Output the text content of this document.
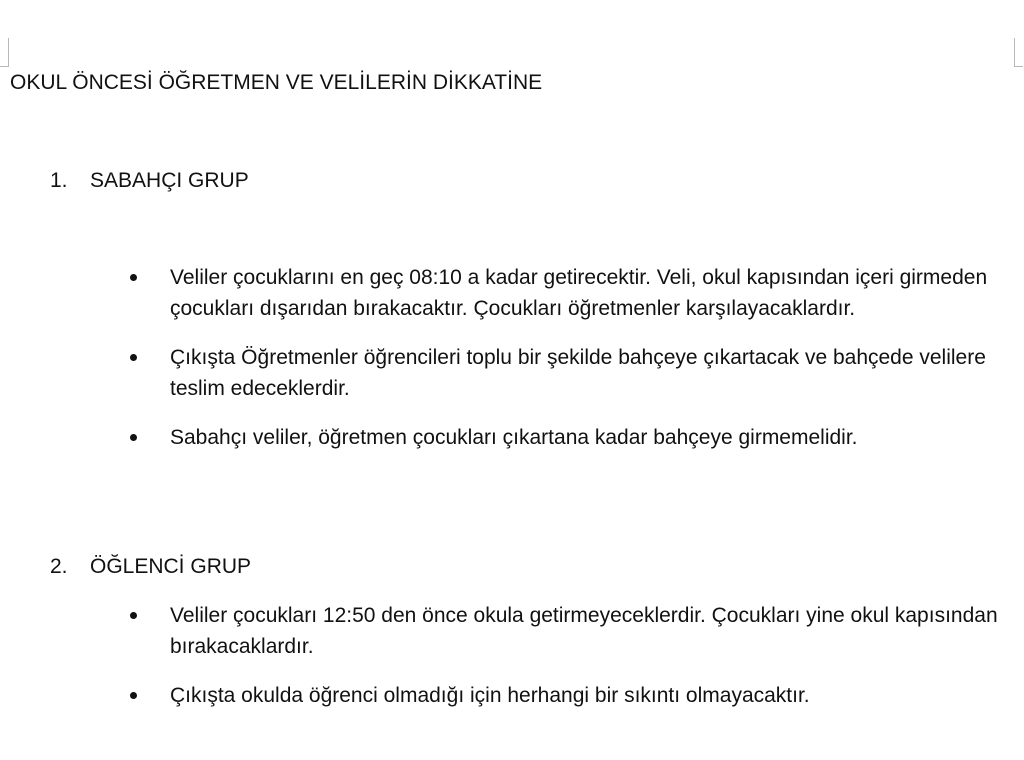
OKUL ÖNCESİ ÖĞRETMEN VE VELİLERİN DİKKATİNE
1. SABAHÇI GRUP
Veliler çocuklarını en geç 08:10 a kadar getirecektir. Veli, okul kapısından içeri girmeden çocukları dışarıdan bırakacaktır. Çocukları öğretmenler karşılayacaklardır.
Çıkışta Öğretmenler öğrencileri toplu bir şekilde bahçeye çıkartacak ve bahçede velilere teslim edeceklerdir.
Sabahçı veliler, öğretmen çocukları çıkartana kadar bahçeye girmemelidir.
2. ÖĞLENCİ GRUP
Veliler çocukları 12:50 den önce okula getirmeyeceklerdir. Çocukları yine okul kapısından bırakacaklardır.
Çıkışta okulda öğrenci olmadığı için herhangi bir sıkıntı olmayacaktır.
